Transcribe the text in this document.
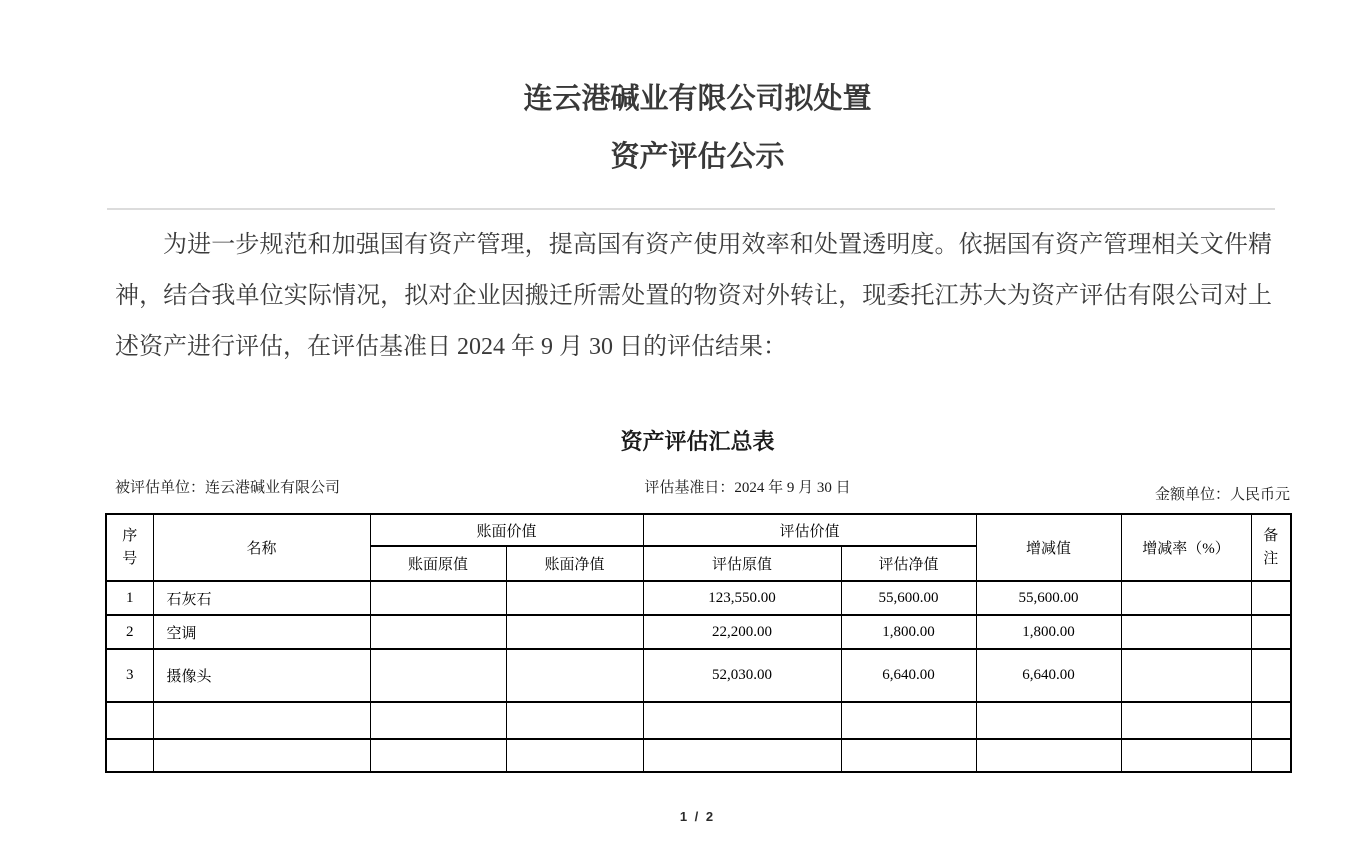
连云港碱业有限公司拟处置
资产评估公示

为进一步规范和加强国有资产管理，提高国有资产使用效率和处置透明度。依据国有资产管理相关文件精神，结合我单位实际情况，拟对企业因搬迁所需处置的物资对外转让，现委托江苏大为资产评估有限公司对上述资产进行评估，在评估基准日 2024 年 9 月 30 日的评估结果：

资产评估汇总表
被评估单位：连云港碱业有限公司	评估基准日：2024 年 9 月 30 日	金额单位：人民币元
序号	名称	账面价值		评估价值		增减值	增减率（%）	备注
		账面原值	账面净值	评估原值	评估净值			
1	石灰石			123,550.00	55,600.00	55,600.00		
2	空调			22,200.00	1,800.00	1,800.00		
3	摄像头			52,030.00	6,640.00	6,640.00		

1 / 2
